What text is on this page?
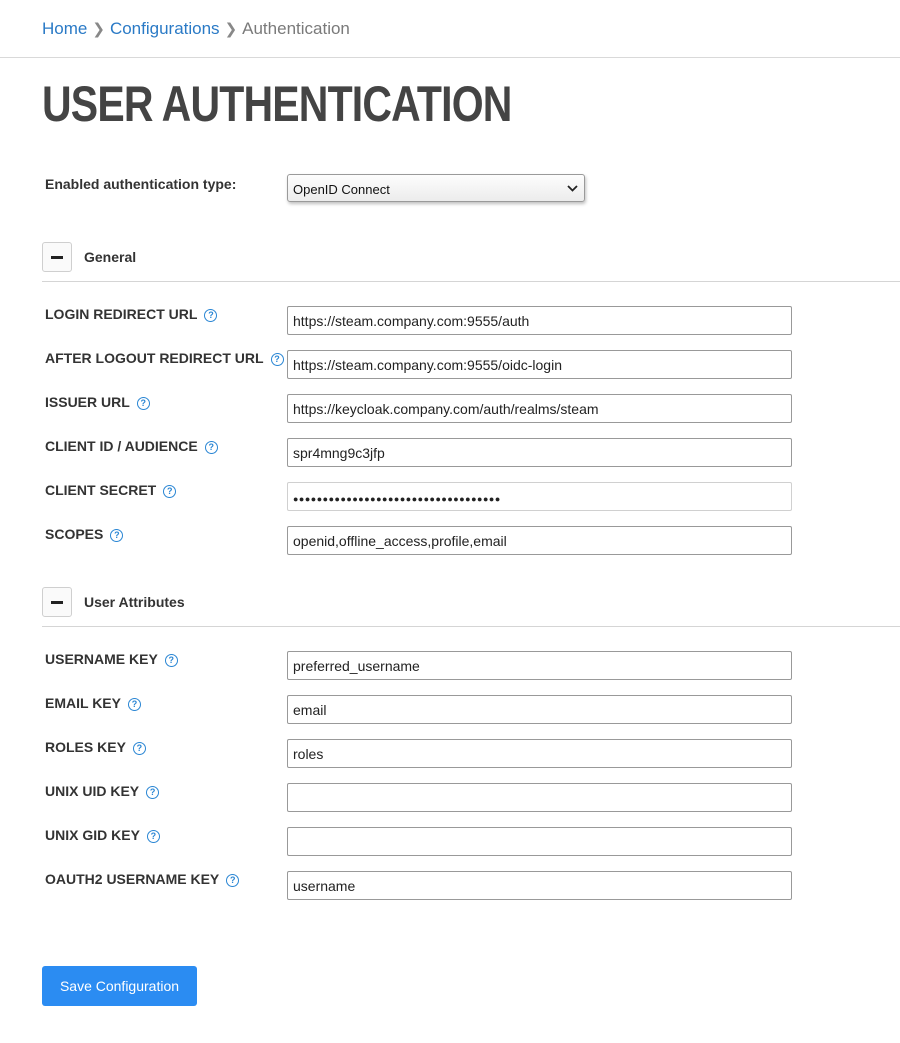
Home ❯ Configurations ❯ Authentication
USER AUTHENTICATION
Enabled authentication type:	OpenID Connect
General
LOGIN REDIRECT URL ?	https://steam.company.com:9555/auth
AFTER LOGOUT REDIRECT URL ? https://steam.company.com:9555/oidc-login
ISSUER URL ?	https://keycloak.company.com/auth/realms/steam
CLIENT ID / AUDIENCE ?	spr4mng9c3jfp
CLIENT SECRET ?
●●●●●●●●●●●●●●●●●●●●●●●●●●●●●●●●●●●
SCOPES ?	openid,offline_access,profile,email
User Attributes
USERNAME KEY ?	preferred_username
EMAIL KEY ?	email
ROLES KEY ?	roles
UNIX UID KEY ?
UNIX GID KEY ?
OAUTH2 USERNAME KEY ?	username
Save Configuration
